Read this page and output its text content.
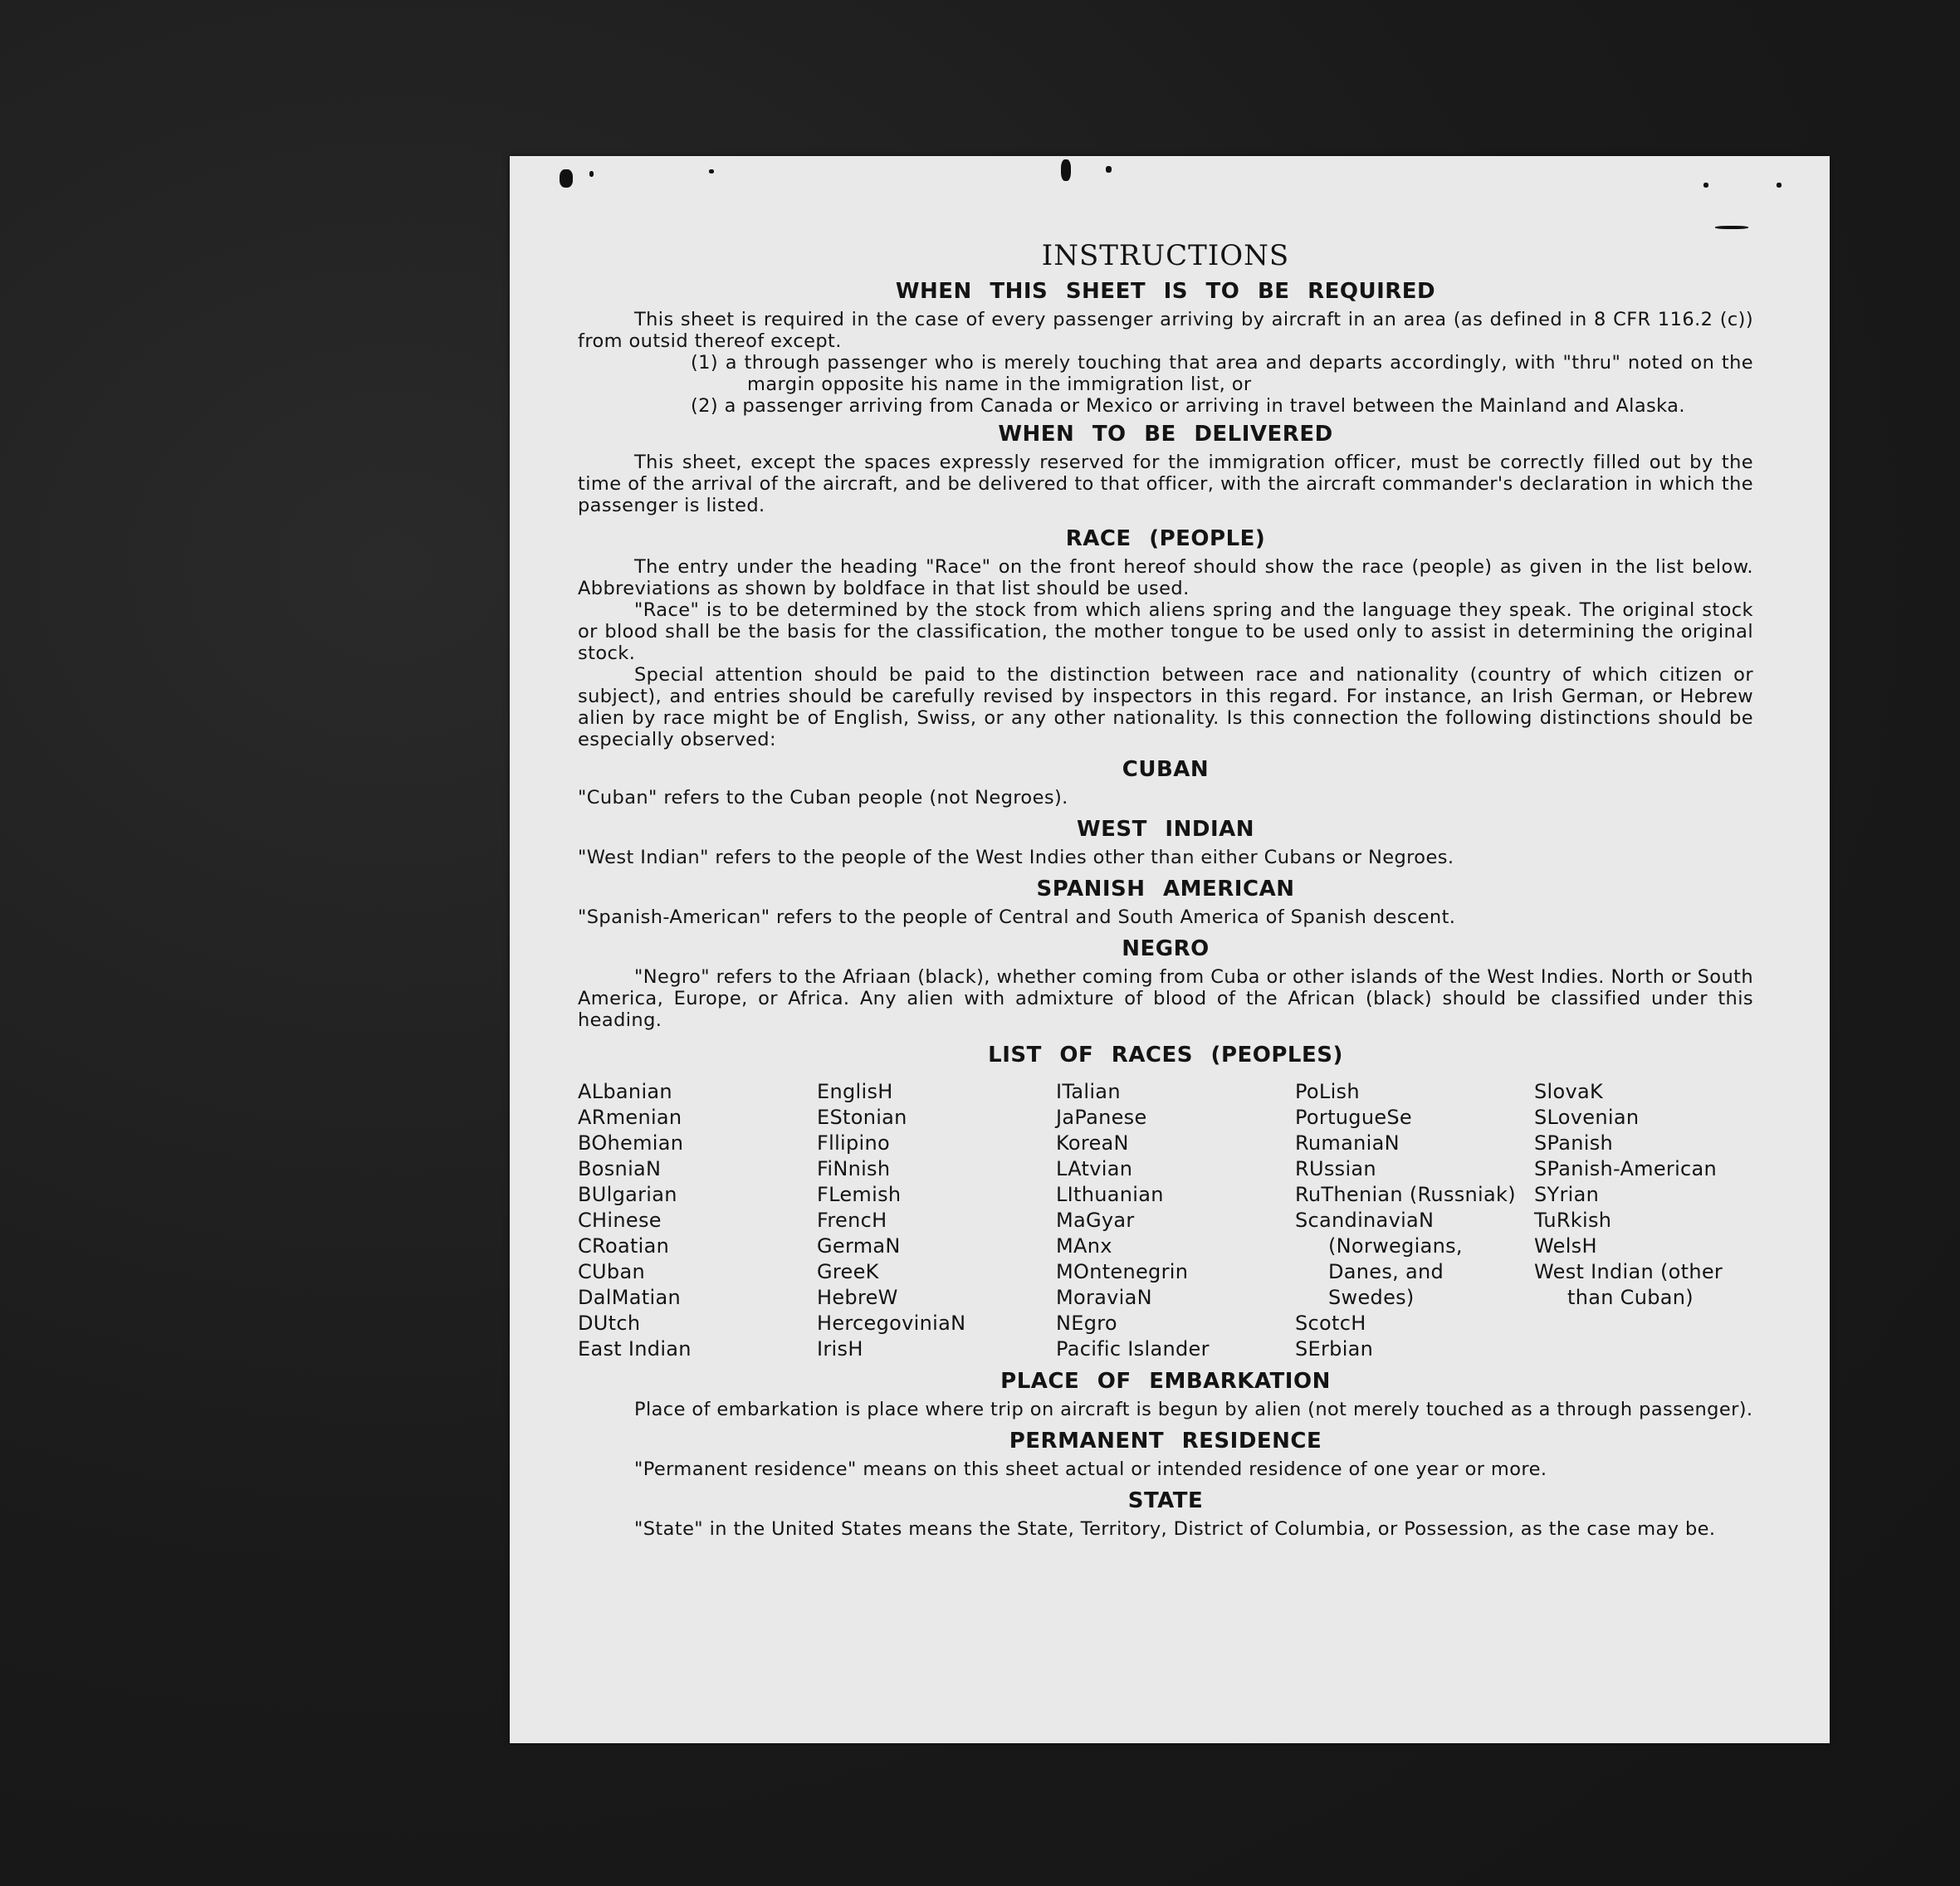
INSTRUCTIONS
WHEN THIS SHEET IS TO BE REQUIRED

This sheet is required in the case of every passenger arriving by aircraft in an area (as defined in 8 CFR 116.2 (c)) from outsid thereof except.

(1) a through passenger who is merely touching that area and departs accordingly, with "thru" noted on the margin opposite his name in the immigration list, or

(2) a passenger arriving from Canada or Mexico or arriving in travel between the Mainland and Alaska.

WHEN TO BE DELIVERED

This sheet, except the spaces expressly reserved for the immigration officer, must be correctly filled out by the time of the arrival of the aircraft, and be delivered to that officer, with the aircraft commander's declaration in which the passenger is listed.

RACE (PEOPLE)

The entry under the heading "Race" on the front hereof should show the race (people) as given in the list below. Abbreviations as shown by boldface in that list should be used.

"Race" is to be determined by the stock from which aliens spring and the language they speak. The original stock or blood shall be the basis for the classification, the mother tongue to be used only to assist in determining the original stock.

Special attention should be paid to the distinction between race and nationality (country of which citizen or subject), and entries should be carefully revised by inspectors in this regard. For instance, an Irish German, or Hebrew alien by race might be of English, Swiss, or any other nationality. Is this connection the following distinctions should be especially observed:

CUBAN

"Cuban" refers to the Cuban people (not Negroes).

WEST INDIAN

"West Indian" refers to the people of the West Indies other than either Cubans or Negroes.

SPANISH AMERICAN

"Spanish-American" refers to the people of Central and South America of Spanish descent.

NEGRO

"Negro" refers to the Afriaan (black), whether coming from Cuba or other islands of the West Indies. North or South America, Europe, or Africa. Any alien with admixture of blood of the African (black) should be classified under this heading.

LIST OF RACES (PEOPLES)
ALbanian
ARmenian
BOhemian
BosniaN
BUlgarian
CHinese
CRoatian
CUban
DalMatian
DUtch
East Indian
EnglisH
EStonian
Fllipino
FiNnish
FLemish
FrencH
GermaN
GreeK
HebreW
HercegoviniaN
IrisH
ITalian
JaPanese
KoreaN
LAtvian
LIthuanian
MaGyar
MAnx
MOntenegrin
MoraviaN
NEgro
Pacific Islander
PoLish
PortugueSe
RumaniaN
RUssian
RuThenian (Russniak)
ScandinaviaN (Norwegians, Danes, and Swedes)
ScotcH
SErbian
SlovaK
SLovenian
SPanish
SPanish-American
SYrian
TuRkish
WelsH
West Indian (other than Cuban)
PLACE OF EMBARKATION

Place of embarkation is place where trip on aircraft is begun by alien (not merely touched as a through passenger).

PERMANENT RESIDENCE

"Permanent residence" means on this sheet actual or intended residence of one year or more.

STATE

"State" in the United States means the State, Territory, District of Columbia, or Possession, as the case may be.
